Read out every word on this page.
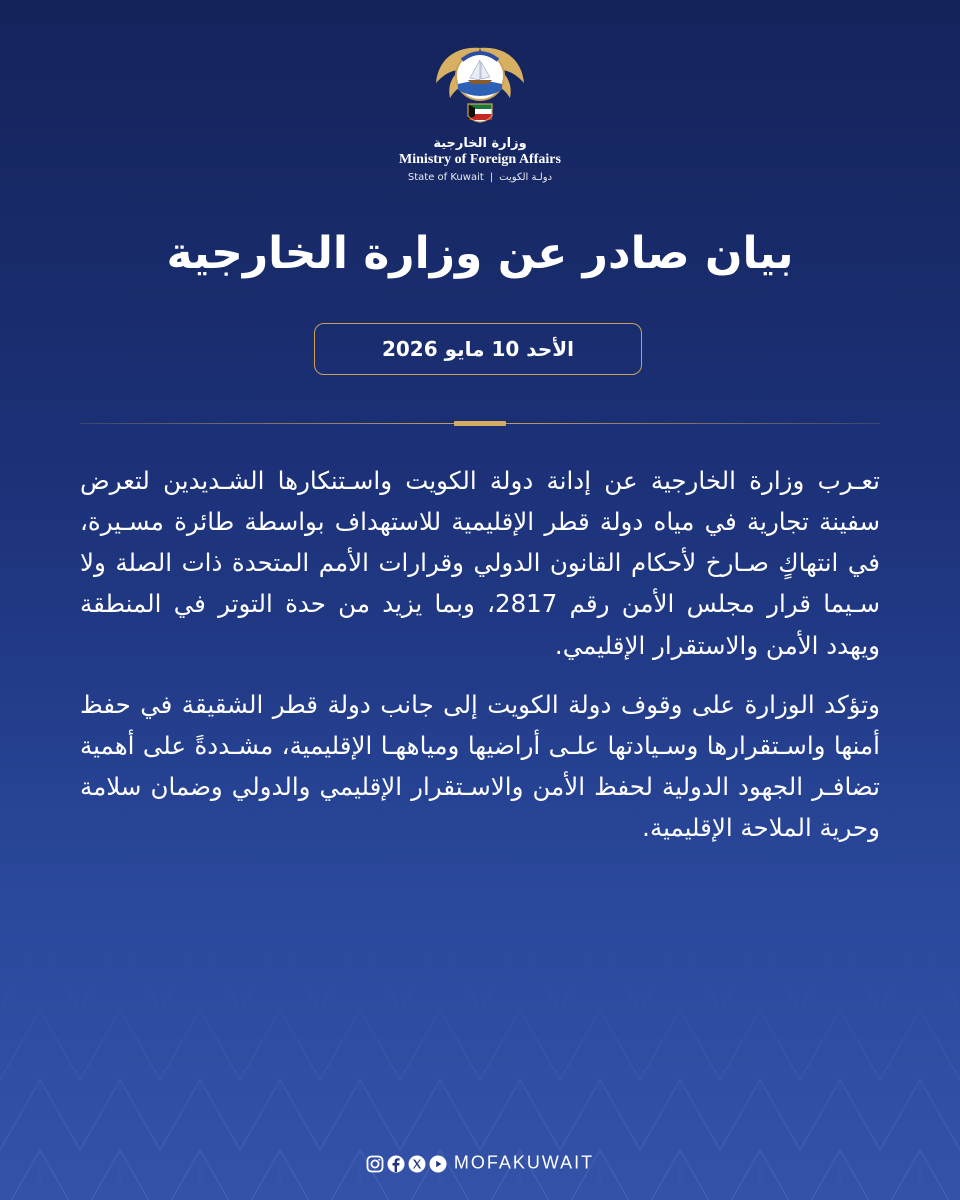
وزارة الخارجية
Ministry of Foreign Affairs
State of Kuwait | دولـة الكويت
بيان صادر عن وزارة الخارجية
الأحد 10 مايو 2026

تعـرب وزارة الخارجية عن إدانة دولة الكويت واسـتنكارها الشـديدين لتعرض سفينة تجارية في مياه دولة قطر الإقليمية للاستهداف بواسطة طائرة مسـيرة، في انتهاكٍ صـارخ لأحكام القانون الدولي وقرارات الأمم المتحدة ذات الصلة ولا سـيما قرار مجلس الأمن رقم 2817، وبما يزيد من حدة التوتر في المنطقة ويهدد الأمن والاستقرار الإقليمي.

وتؤكد الوزارة على وقوف دولة الكويت إلى جانب دولة قطر الشقيقة في حفظ أمنها واسـتقرارها وسـيادتها علـى أراضيها ومياههـا الإقليمية، مشـددةً على أهمية تضافـر الجهود الدولية لحفظ الأمن والاسـتقرار الإقليمي والدولي وضمان سلامة وحرية الملاحة الإقليمية.

MOFAKUWAIT
